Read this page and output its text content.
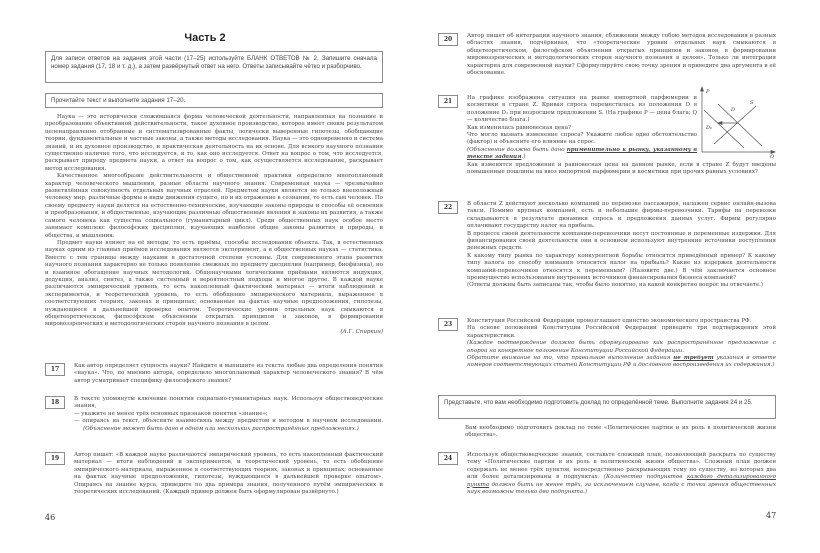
Часть 2
Для записи ответов на задания этой части (17–25) используйте БЛАНК ОТВЕТОВ № 2. Запишите сначала номер задания (17, 18 и т. д.), а затем развёрнутый ответ на него. Ответы записывайте чётко и разборчиво.
Прочитайте текст и выполните задания 17–20.

Наука — это исторически сложившаяся форма человеческой деятельности, направленная на познание и преобразование объективной действительности, такое духовное производство, которое имеет своим результатом целенаправленно отобранные и систематизированные факты, логически выверенные гипотезы, обобщающие теории, фундаментальные и частные законы, а также методы исследования. Наука — это одновременно и система знаний, и их духовное производство, и практическая деятельность на их основе. Для всякого научного познания существенно наличие того, что исследуется, и то, как оно исследуется. Ответ на вопрос о том, что исследуется, раскрывает природу предмета науки, а ответ на вопрос о том, как осуществляется исследование, раскрывает метод исследования.

Качественное многообразие действительности и общественной практики определило многоплановый характер человеческого мышления, разные области научного знания. Современная наука — чрезвычайно разветвлённая совокупность отдельных научных отраслей. Предметом науки является не только внеположный человеку мир, различные формы и виды движения сущего, но и их отражение в сознании, то есть сам человек. По своему предмету науки делятся на естественно-технические, изучающие законы природы и способы её освоения и преобразования, и общественные, изучающие различные общественные явления и законы их развития, а также самого человека как существа социального (гуманитарный цикл). Среди общественных наук особое место занимает комплекс философских дисциплин, изучающих наиболее общие законы развития и природы, и общества, и мышления.

Предмет науки влияет на её методы, то есть приёмы, способы исследования объекта. Так, в естественных науках одним из главных приёмов исследования является эксперимент, а в общественных науках — статистика. Вместе с тем границы между науками в достаточной степени условны. Для современного этапа развития научного познания характерно не только появление смежных по предмету дисциплин (например, биофизика), но и взаимное обогащение научных методологий. Общенаучными логическими приёмами являются индукция, дедукция, анализ, синтез, а также системный и вероятностный подходы и многое другое. В каждой науке различаются эмпирический уровень, то есть накопленный фактический материал — итоги наблюдений и экспериментов, и теоретический уровень, то есть обобщение эмпирического материала, выраженное в соответствующих теориях, законах и принципах; основанные на фактах научные предположения, гипотезы, нуждающиеся в дальнейшей проверке опытом. Теоретические уровни отдельных наук смыкаются в общетеоретическом, философском объяснении открытых принципов и законов, в формировании мировоззренческих и методологических сторон научного познания в целом.

(А.Г. Спиркин)
17	Как автор определяет сущность науки? Найдите и выпишите из текста любые два определения понятия «наука». Что, по мнению автора, определило многоплановый характер человеческого знания? В чём автор усматривает специфику философского знания?
18	В тексте упомянуты ключевые понятия социально-гуманитарных наук. Используя обществоведческие знания,

— укажите не менее трёх основных признаков понятия «знание»;

— опираясь на текст, объясните взаимосвязь между предметом и методом в научном исследовании. (Объяснение может быть дано в одном или нескольких распространённых предложениях.)

19	Автор пишет: «В каждой науке различаются эмпирический уровень, то есть накопленный фактический материал — итоги наблюдений и экспериментов, и теоретический уровень, то есть обобщение эмпирического материала, выраженное в соответствующих теориях, законах и принципах; основанные на фактах научные предположения, гипотезы, нуждающиеся в дальнейшей проверке опытом». Опираясь на знание курса, приведите по два примера знания, полученного путём эмпирических и теоретических исследований. (Каждый пример должен быть оформулирован развёрнуто.)
46
20	Автор пишет об интеграции научного знания, сближении между собою методов исследования в разных областях знания, подчёркивая, что «теоретические уровни отдельных наук смыкаются в общетеоретическом, философском объяснении открытых принципов и законов, в формировании мировоззренческих и методологических сторон научного познания в целом». Только ли интеграция характерна для современной науки? Сформулируйте свою точку зрения и приведите два аргумента в её обоснование.
21	На графике изображена ситуация на рынке импортной парфюмерии и косметики в стране Z. Кривая спроса переместилась из положения D в положение D₁ при возросшем предложении S. (На графике P — цена блага; Q — количество блага.)
Как изменилась равновесная цена?
Что могло вызвать изменение спроса? Укажите любое одно обстоятельство (фактор) и объясните его влияние на спрос.
(Объяснение должно быть дано применительно к рынку, указанному в тексте задания.)
Как изменятся предложение и равновесная цена на данном рынке, если в стране Z будут введены повышенные пошлины на ввоз импортной парфюмерии и косметики при прочих равных условиях?
P
Q
D
D₁
S
22	В области Z действуют несколько компаний по перевозке пассажиров, налажен сервис онлайн-вызова такси. Помимо крупных компаний, есть и небольшие фирмы-перевозчики. Тарифы на перевозки складываются в результате динамики спроса и предложения данных услуг. Фирмы регулярно оплачивают государству налог на прибыль.
В процессе своей деятельности компании-перевозчики несут постоянные и переменные издержки. Для финансирования своей деятельности они в основном используют внутренние источники поступления денежных средств.
К какому типу рынка по характеру конкурентной борьбы относится приведённый пример? К какому типу налога по способу взимания относится налог на прибыль? Какие из издержек деятельности компаний-перевозчиков относятся к переменным? (Назовите две.) В чём заключается основное преимущество использования внутренних источников финансирования бизнеса компаний?
(Ответы должны быть записаны так, чтобы было понятно, на какой конкретно вопрос вы отвечаете.)
23	Конституция Российской Федерации провозглашает единство экономического пространства РФ.
На основе положений Конституции Российской Федерации приведите три подтверждения этой характеристики.
(Каждое подтверждение должно быть сформулировано как распространённое предложение с опорой на конкретное положение Конституции Российской Федерации.
Обратите внимание на то, что правильное выполнение задания не требует указания в ответе номеров соответствующих статей Конституции РФ и дословного воспроизведения их содержания.)
Представьте, что вам необходимо подготовить доклад по определённой теме. Выполните задания 24 и 25.
Вам необходимо подготовить доклад по теме «Политические партии и их роль в политической жизни общества».
24	Используя обществоведческие знания, составьте сложный план, позволяющий раскрыть по существу тему «Политические партии и их роль в политической жизни общества». Сложный план должен содержать не менее трёх пунктов, непосредственно раскрывающих тему по существу, из которых два или более детализированы в подпунктах. (Количество подпунктов каждого детализированного пункта должно быть не менее трёх, за исключением случаев, когда с точки зрения общественных наук возможны только два подпункта.)
47
